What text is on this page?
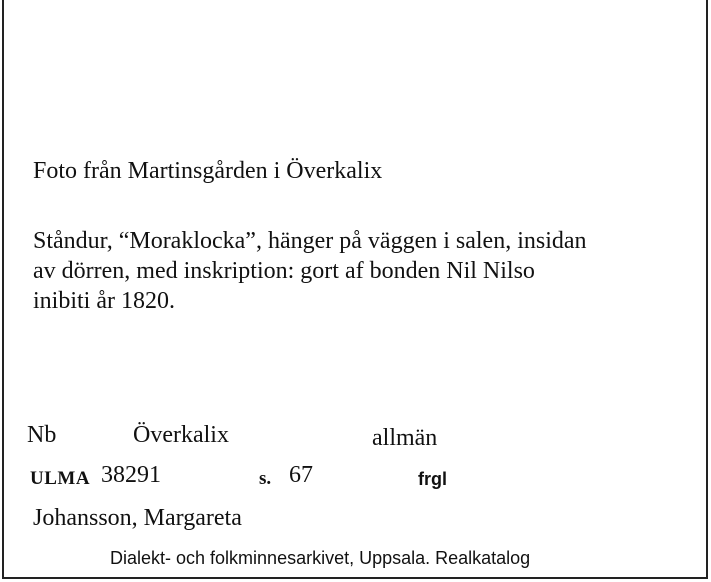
Foto från Martinsgården i Överkalix
Ståndur, “Moraklocka”, hänger på väggen i salen, insidan
av dörren, med inskription: gort af bonden Nil Nilso
inibiti år 1820.
Nb	Överkalix	allmän
ULMA 38291	s. 67	frgl
Johansson, Margareta
Dialekt- och folkminnesarkivet, Uppsala. Realkatalog
